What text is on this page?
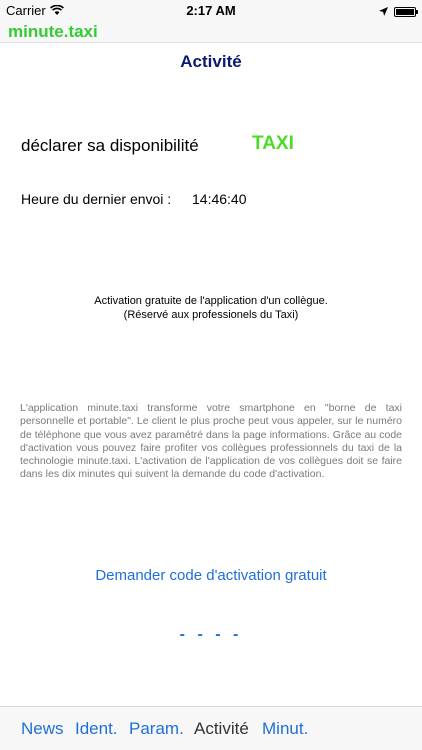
Carrier	2:17 AM
minute.taxi
Activité
déclarer sa disponibilité	TAXI
Heure du dernier envoi : 14:46:40
Activation gratuite de l'application d'un collègue.
(Réservé aux professionels du Taxi)
L'application minute.taxi transforme votre smartphone en "borne de taxi personnelle et portable". Le client le plus proche peut vous appeler, sur le numéro de téléphone que vous avez paramétré dans la page informations. Grâce au code d'activation vous pouvez faire profiter vos collègues professionnels du taxi de la technologie minute.taxi. L'activation de l'application de vos collègues doit se faire dans les dix minutes qui suivent la demande du code d'activation.
Demander code d'activation gratuit
- - - -
News Ident. Param. Activité Minut.
